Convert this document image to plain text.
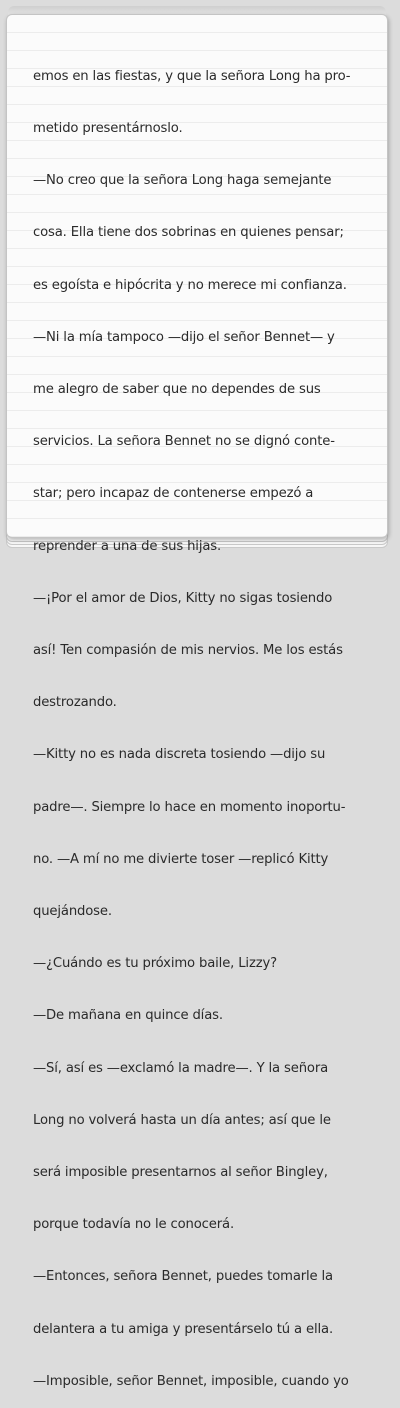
emos en las fiestas, y que la señora Long ha pro-

metido presentárnoslo.

—No creo que la señora Long haga semejante

cosa. Ella tiene dos sobrinas en quienes pensar;

es egoísta e hipócrita y no merece mi confianza.

—Ni la mía tampoco —dijo el señor Bennet— y

me alegro de saber que no dependes de sus

servicios. La señora Bennet no se dignó conte-

star; pero incapaz de contenerse empezó a

reprender a una de sus hijas.

—¡Por el amor de Dios, Kitty no sigas tosiendo

así! Ten compasión de mis nervios. Me los estás

destrozando.

—Kitty no es nada discreta tosiendo —dijo su

padre—. Siempre lo hace en momento inoportu-

no. —A mí no me divierte toser —replicó Kitty

quejándose.

—¿Cuándo es tu próximo baile, Lizzy?

—De mañana en quince días.

—Sí, así es —exclamó la madre—. Y la señora

Long no volverá hasta un día antes; así que le

será imposible presentarnos al señor Bingley,

porque todavía no le conocerá.

—Entonces, señora Bennet, puedes tomarle la

delantera a tu amiga y presentárselo tú a ella.

—Imposible, señor Bennet, imposible, cuando yo
